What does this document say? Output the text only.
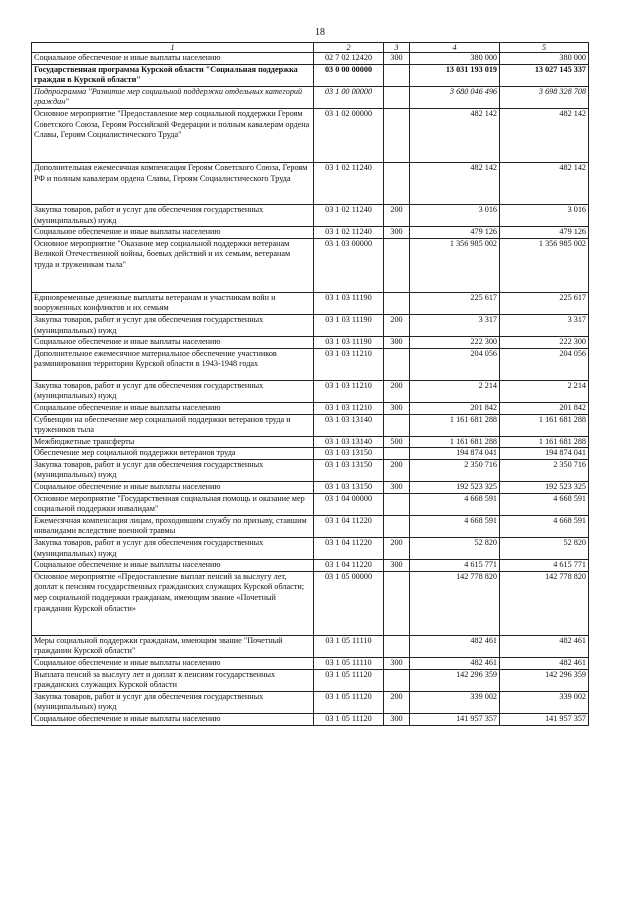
18
1	2	3	4	5
Социальное обеспечение и иные выплаты населению	02 7 02 12420	300	380 000	380 000
Государственная программа Курской области "Социальная поддержка граждан в Курской области"	03 0 00 00000		13 031 193 019	13 027 145 337
Подпрограмма "Развитие мер социальной поддержки отдельных категорий граждан"	03 1 00 00000		3 680 046 496	3 698 328 708
Основное мероприятие "Предоставление мер социальной поддержки Героям Советского Союза, Героям Российской Федерации и полным кавалерам ордена Славы, Героям Социалистического Труда"	03 1 02 00000		482 142	482 142
Дополнительная ежемесячная компенсация Героям Советского Союза, Героям РФ и полным кавалерам ордена Славы, Героям Социалистического Труда	03 1 02 11240		482 142	482 142
Закупка товаров, работ и услуг для обеспечения государственных (муниципальных) нужд	03 1 02 11240	200	3 016	3 016
Социальное обеспечение и иные выплаты населению	03 1 02 11240	300	479 126	479 126
Основное мероприятие "Оказание мер социальной поддержки ветеранам Великой Отечественной войны, боевых действий и их семьям, ветеранам труда и труженикам тыла"	03 1 03 00000		1 356 985 002	1 356 985 002
Единовременные денежные выплаты ветеранам и участникам войн и вооруженных конфликтов и их семьям	03 1 03 11190		225 617	225 617
Закупка товаров, работ и услуг для обеспечения государственных (муниципальных) нужд	03 1 03 11190	200	3 317	3 317
Социальное обеспечение и иные выплаты населению	03 1 03 11190	300	222 300	222 300
Дополнительное ежемесячное материальное обеспечение участников разминирования территории Курской области в 1943-1948 годах	03 1 03 11210		204 056	204 056
Закупка товаров, работ и услуг для обеспечения государственных (муниципальных) нужд	03 1 03 11210	200	2 214	2 214
Социальное обеспечение и иные выплаты населению	03 1 03 11210	300	201 842	201 842
Субвенции на обеспечение мер социальной поддержки ветеранов труда и тружеников тыла	03 1 03 13140		1 161 681 288	1 161 681 288
Межбюджетные трансферты	03 1 03 13140	500	1 161 681 288	1 161 681 288
Обеспечение мер социальной поддержки ветеранов труда	03 1 03 13150		194 874 041	194 874 041
Закупка товаров, работ и услуг для обеспечения государственных (муниципальных) нужд	03 1 03 13150	200	2 350 716	2 350 716
Социальное обеспечение и иные выплаты населению	03 1 03 13150	300	192 523 325	192 523 325
Основное мероприятие "Государственная социальная помощь и оказание мер социальной поддержки инвалидам"	03 1 04 00000		4 668 591	4 668 591
Ежемесячная компенсация лицам, проходившим службу по призыву, ставшим инвалидами вследствие военной травмы	03 1 04 11220		4 668 591	4 668 591
Закупка товаров, работ и услуг для обеспечения государственных (муниципальных) нужд	03 1 04 11220	200	52 820	52 820
Социальное обеспечение и иные выплаты населению	03 1 04 11220	300	4 615 771	4 615 771
Основное мероприятие «Предоставление выплат пенсий за выслугу лет, доплат к пенсиям государственных гражданских служащих Курской области; мер социальной поддержки гражданам, имеющим звание «Почетный гражданин Курской области»	03 1 05 00000		142 778 820	142 778 820
Меры социальной поддержки гражданам, имеющим звание "Почетный гражданин Курской области"	03 1 05 11110		482 461	482 461
Социальное обеспечение и иные выплаты населению	03 1 05 11110	300	482 461	482 461
Выплата пенсий за выслугу лет и доплат к пенсиям государственных гражданских служащих Курской области	03 1 05 11120		142 296 359	142 296 359
Закупка товаров, работ и услуг для обеспечения государственных (муниципальных) нужд	03 1 05 11120	200	339 002	339 002
Социальное обеспечение и иные выплаты населению	03 1 05 11120	300	141 957 357	141 957 357
